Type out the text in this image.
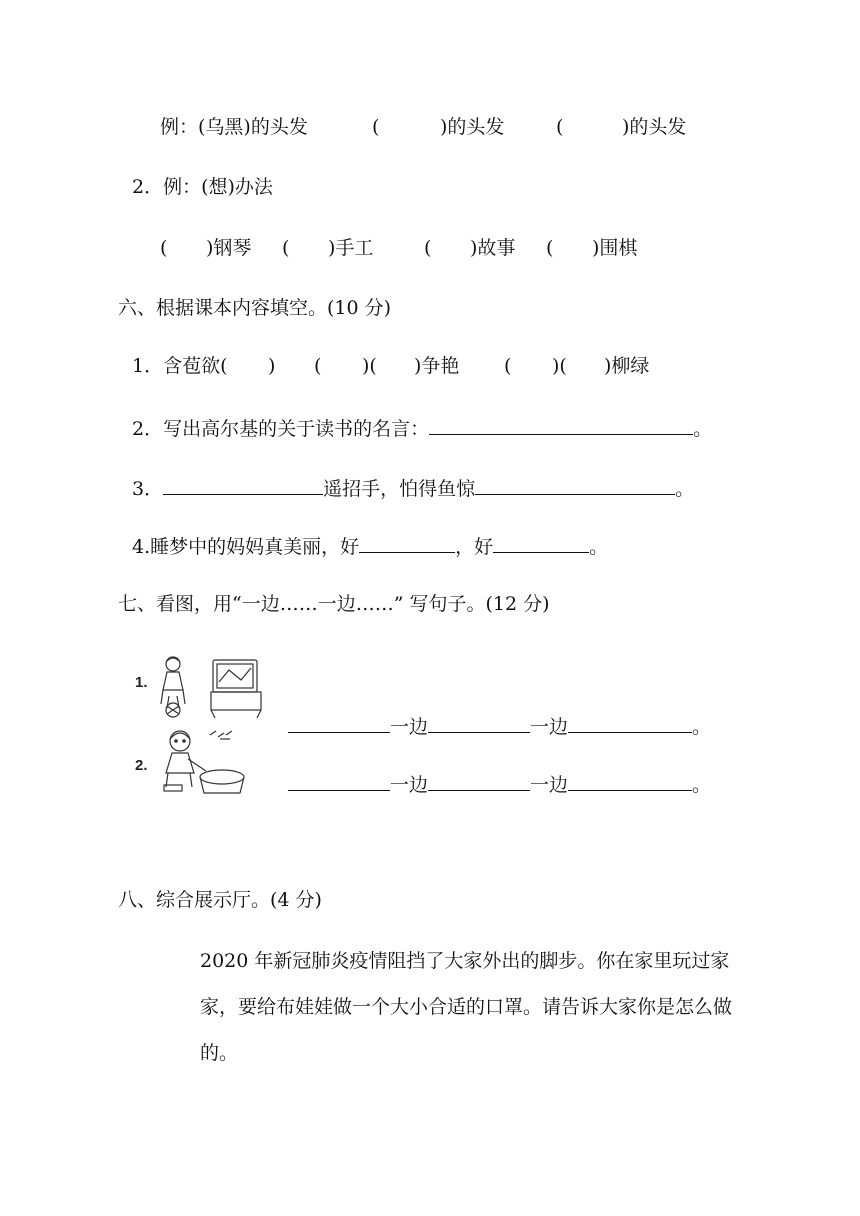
例：(乌黑)的头发	(	)的头发	(	)的头发
2．例：(想)办法
( )钢琴 ( )手工	( )故事 ( )围棋
六、根据课本内容填空。(10 分)
1．含苞欲( ) ( )( )争艳 ( )( )柳绿
2．写出高尔基的关于读书的名言：	。
3．	遥招手，怕得鱼惊	。
4.睡梦中的妈妈真美丽，好	，好	。
七、看图，用“一边……一边……” 写句子。(12 分)
1.
2.
一边	一边	。
一边	一边	。
八、综合展示厅。(4 分)
2020 年新冠肺炎疫情阻挡了大家外出的脚步。你在家里玩过家家，要给布娃娃做一个大小合适的口罩。请告诉大家你是怎么做的。
